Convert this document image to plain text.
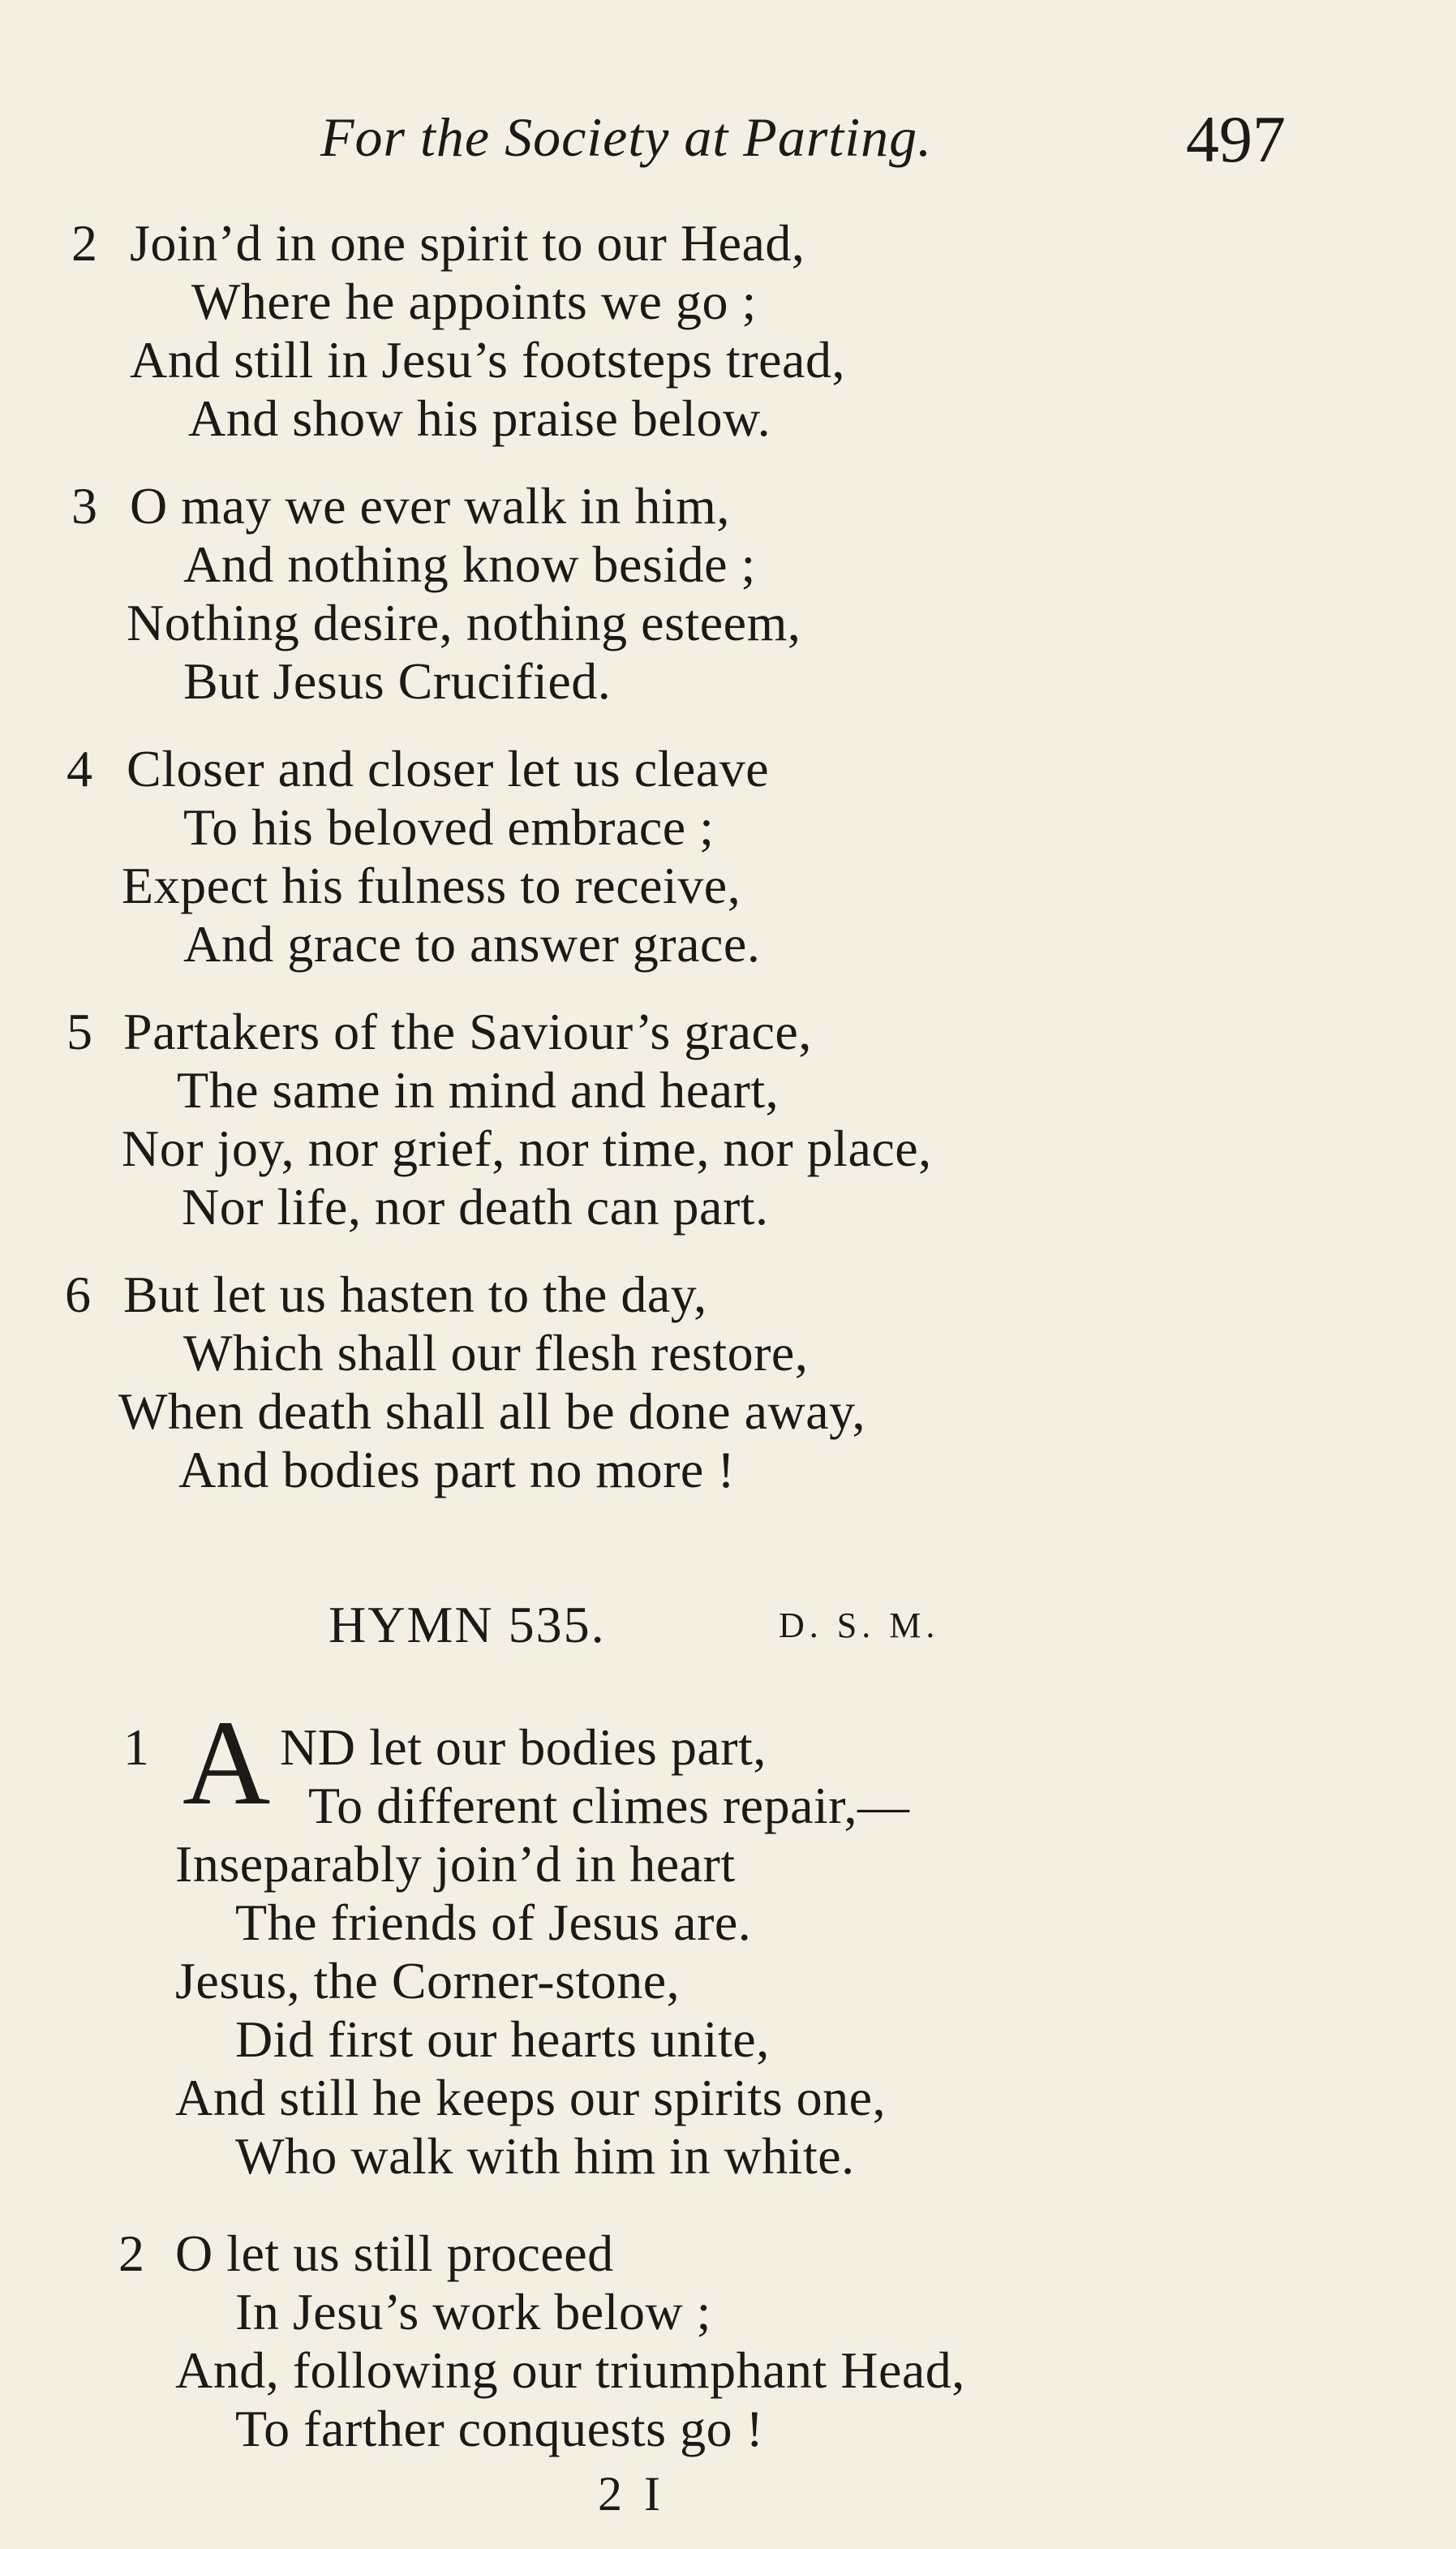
For the Society at Parting.	497
2 Join’d in one spirit to our Head,
Where he appoints we go ;
And still in Jesu’s footsteps tread,
And show his praise below.
3 O may we ever walk in him,
And nothing know beside ;
Nothing desire, nothing esteem,
But Jesus Crucified.
4 Closer and closer let us cleave
To his beloved embrace ;
Expect his fulness to receive,
And grace to answer grace.
5 Partakers of the Saviour’s grace,
The same in mind and heart,
Nor joy, nor grief, nor time, nor place,
Nor life, nor death can part.
6 But let us hasten to the day,
Which shall our flesh restore,
When death shall all be done away,
And bodies part no more !
HYMN 535.	D. S. M.
1 A ND let our bodies part,
To different climes repair,—
Inseparably join’d in heart
The friends of Jesus are.
Jesus, the Corner-stone,
Did first our hearts unite,
And still he keeps our spirits one,
Who walk with him in white.
2 O let us still proceed
In Jesu’s work below ;
And, following our triumphant Head,
To farther conquests go !
2 I
